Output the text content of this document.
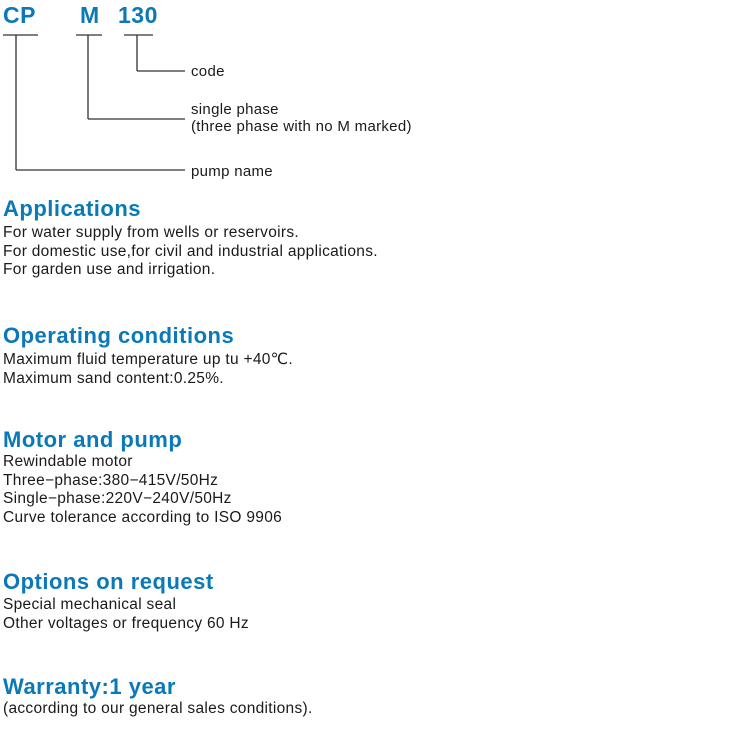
CP M 130
code
single phase
(three phase with no M marked)
pump name
Applications
For water supply from wells or reservoirs.
For domestic use,for civil and industrial applications.
For garden use and irrigation.
Operating conditions
Maximum fluid temperature up tu +40℃.
Maximum sand content:0.25%.
Motor and pump
Rewindable motor
Three−phase:380−415V/50Hz
Single−phase:220V−240V/50Hz
Curve tolerance according to ISO 9906
Options on request
Special mechanical seal
Other voltages or frequency 60 Hz
Warranty:1 year
(according to our general sales conditions).
